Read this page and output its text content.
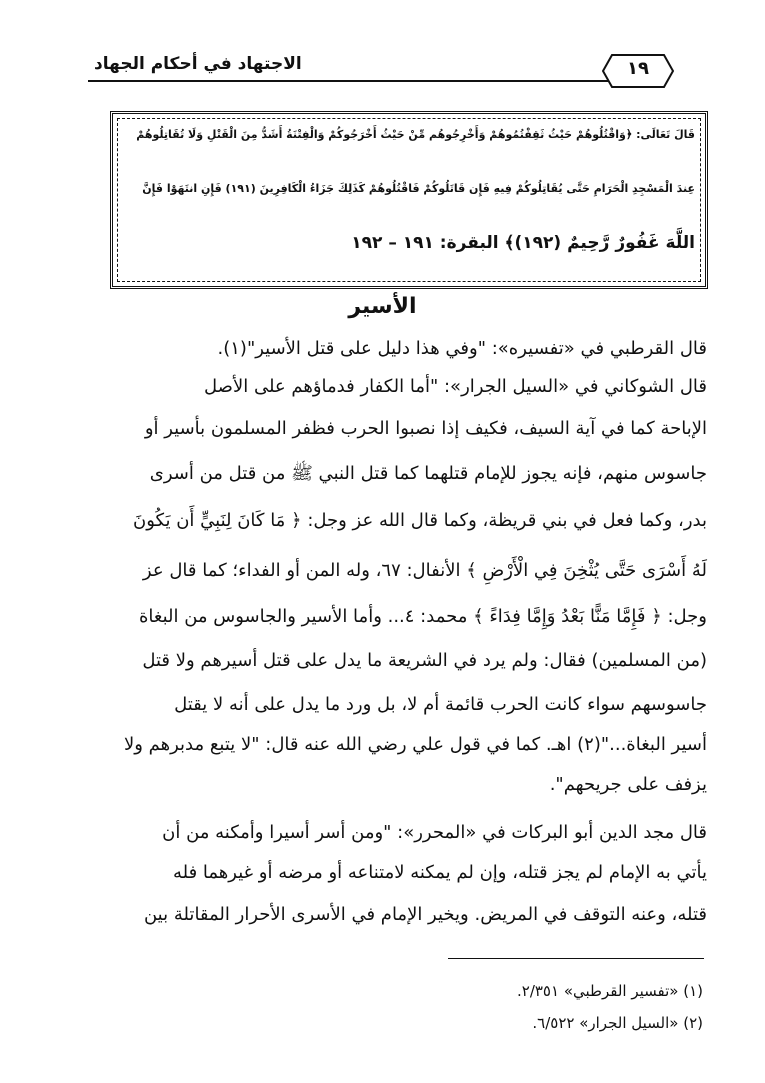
الاجتهاد في أحكام الجهاد	١٩
قَالَ تَعَالَى: ﴿وَاقْتُلُوهُمْ حَيْثُ ثَقِفْتُمُوهُمْ وَأَخْرِجُوهُم مِّنْ حَيْثُ أَخْرَجُوكُمْ وَالْفِتْنَةُ أَشَدُّ مِنَ الْقَتْلِ وَلَا تُقَاتِلُوهُمْ
عِندَ الْمَسْجِدِ الْحَرَامِ حَتَّى يُقَاتِلُوكُمْ فِيهِ فَإِن قَاتَلُوكُمْ فَاقْتُلُوهُمْ كَذَلِكَ جَزَاءُ الْكَافِرِينَ (١٩١) فَإِنِ انتَهَوْا فَإِنَّ
اللَّهَ غَفُورٌ رَّحِيمٌ (١٩٢)﴾ البقرة: ١٩١ – ١٩٢
الأسير
قال القرطبي في «تفسيره»: "وفي هذا دليل على قتل الأسير"(١).
قال الشوكاني في «السيل الجرار»: "أما الكفار فدماؤهم على الأصل
الإباحة كما في آية السيف، فكيف إذا نصبوا الحرب فظفر المسلمون بأسير أو
جاسوس منهم، فإنه يجوز للإمام قتلهما كما قتل النبي ﷺ من قتل من أسرى
بدر، وكما فعل في بني قريظة، وكما قال الله عز وجل: ﴿ مَا كَانَ لِنَبِيٍّ أَن يَكُونَ
لَهُ أَسْرَى حَتَّى يُثْخِنَ فِي الْأَرْضِ ﴾ الأنفال: ٦٧، وله المن أو الفداء؛ كما قال عز
وجل: ﴿ فَإِمَّا مَنًّا بَعْدُ وَإِمَّا فِدَاءً ﴾ محمد: ٤... وأما الأسير والجاسوس من البغاة
(من المسلمين) فقال: ولم يرد في الشريعة ما يدل على قتل أسيرهم ولا قتل
جاسوسهم سواء كانت الحرب قائمة أم لا، بل ورد ما يدل على أنه لا يقتل
أسير البغاة..."(٢) اهـ. كما في قول علي رضي الله عنه قال: "لا يتبع مدبرهم ولا
يزفف على جريحهم".
قال مجد الدين أبو البركات في «المحرر»: "ومن أسر أسيرا وأمكنه من أن
يأتي به الإمام لم يجز قتله، وإن لم يمكنه لامتناعه أو مرضه أو غيرهما فله
قتله، وعنه التوقف في المريض. ويخير الإمام في الأسرى الأحرار المقاتلة بين
(١) «تفسير القرطبي» ٢/٣٥١.
(٢) «السيل الجرار» ٦/٥٢٢.
